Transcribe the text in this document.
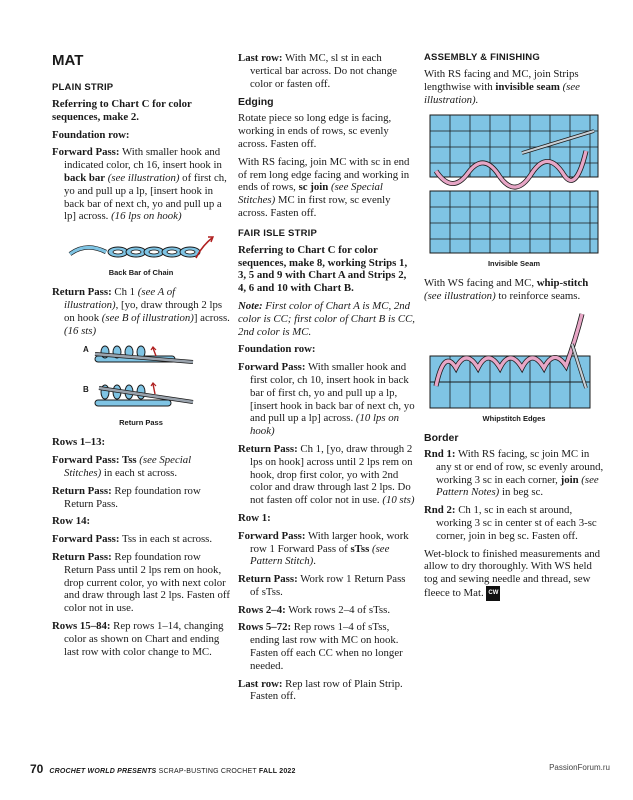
MAT
PLAIN STRIP

Referring to Chart C for color sequences, make 2.

Foundation row:

Forward Pass: With smaller hook and indicated color, ch 16, insert hook in back bar (see illustration) of first ch, yo and pull up a lp, [insert hook in back bar of next ch, yo and pull up a lp] across. (16 lps on hook)

Back Bar of Chain

Return Pass: Ch 1 (see A of illustration), [yo, draw through 2 lps on hook (see B of illustration)] across. (16 sts)

A
B
Return Pass

Rows 1–13:

Forward Pass: Tss (see Special Stitches) in each st across.

Return Pass: Rep foundation row Return Pass.

Row 14:

Forward Pass: Tss in each st across.

Return Pass: Rep foundation row Return Pass until 2 lps rem on hook, drop current color, yo with next color and draw through last 2 lps. Fasten off color not in use.

Rows 15–84: Rep rows 1–14, changing color as shown on Chart and ending last row with color change to MC.

Last row: With MC, sl st in each vertical bar across. Do not change color or fasten off.

Edging

Rotate piece so long edge is facing, working in ends of rows, sc evenly across. Fasten off.

With RS facing, join MC with sc in end of rem long edge facing and working in ends of rows, sc join (see Special Stitches) MC in first row, sc evenly across. Fasten off.

FAIR ISLE STRIP

Referring to Chart C for color sequences, make 8, working Strips 1, 3, 5 and 9 with Chart A and Strips 2, 4, 6 and 10 with Chart B.

Note: First color of Chart A is MC, 2nd color is CC; first color of Chart B is CC, 2nd color is MC.

Foundation row:

Forward Pass: With smaller hook and first color, ch 10, insert hook in back bar of first ch, yo and pull up a lp, [insert hook in back bar of next ch, yo and pull up a lp] across. (10 lps on hook)

Return Pass: Ch 1, [yo, draw through 2 lps on hook] across until 2 lps rem on hook, drop first color, yo with 2nd color and draw through last 2 lps. Do not fasten off color not in use. (10 sts)

Row 1:

Forward Pass: With larger hook, work row 1 Forward Pass of sTss (see Pattern Stitch).

Return Pass: Work row 1 Return Pass of sTss.

Rows 2–4: Work rows 2–4 of sTss.

Rows 5–72: Rep rows 1–4 of sTss, ending last row with MC on hook. Fasten off each CC when no longer needed.

Last row: Rep last row of Plain Strip. Fasten off.

ASSEMBLY & FINISHING

With RS facing and MC, join Strips lengthwise with invisible seam (see illustration).

Invisible Seam

With WS facing and MC, whip-stitch (see illustration) to reinforce seams.

Whipstitch Edges
Border

Rnd 1: With RS facing, sc join MC in any st or end of row, sc evenly around, working 3 sc in each corner, join (see Pattern Notes) in beg sc.

Rnd 2: Ch 1, sc in each st around, working 3 sc in center st of each 3-sc corner, join in beg sc. Fasten off.

Wet-block to finished measurements and allow to dry thoroughly. With WS held tog and sewing needle and thread, sew fleece to Mat. CW

70 CROCHET WORLD PRESENTS SCRAP-BUSTING CROCHET FALL 2022	PassionForum.ru
